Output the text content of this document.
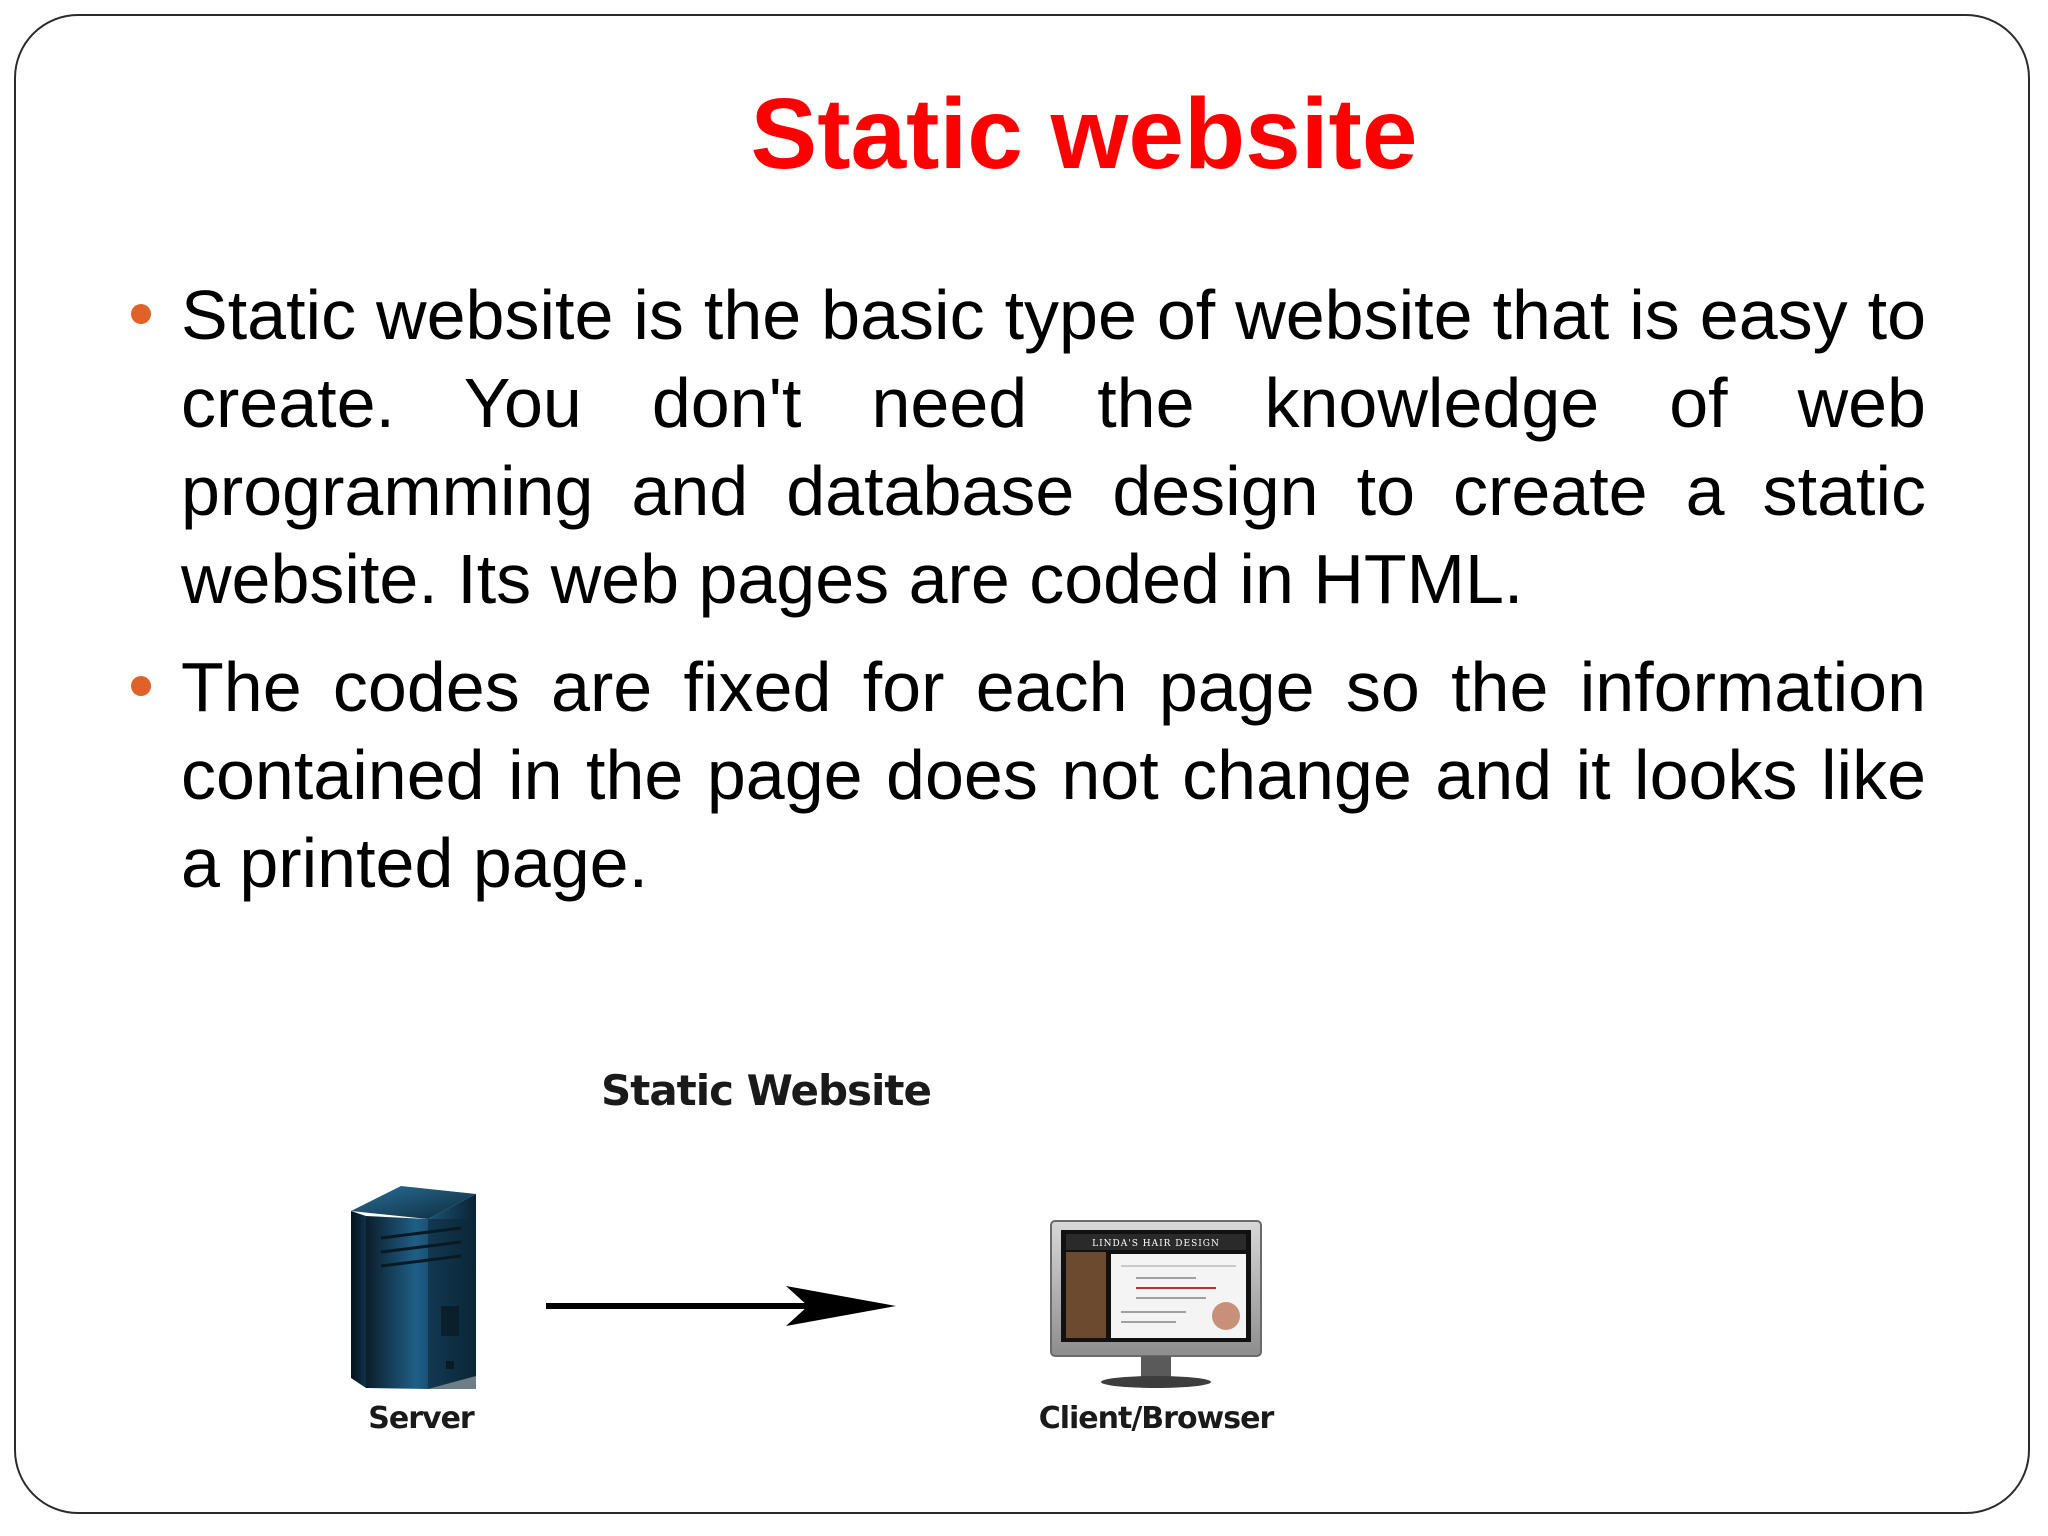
Static website
Static website is the basic type of website that is easy to create. You don't need the knowledge of web programming and database design to create a static website. Its web pages are coded in HTML.
The codes are fixed for each page so the information contained in the page does not change and it looks like a printed page.
LINDA'S HAIR DESIGN
Static Website
Server	Client/Browser
